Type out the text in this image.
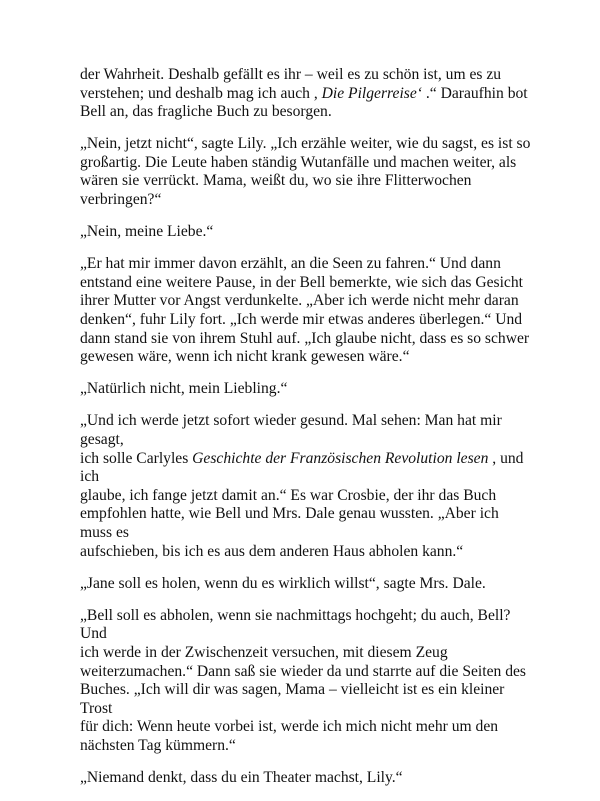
der Wahrheit. Deshalb gefällt es ihr – weil es zu schön ist, um es zu
verstehen; und deshalb mag ich auch , Die Pilgerreise‘ .“ Daraufhin bot
Bell an, das fragliche Buch zu besorgen.

„Nein, jetzt nicht“, sagte Lily. „Ich erzähle weiter, wie du sagst, es ist so
großartig. Die Leute haben ständig Wutanfälle und machen weiter, als
wären sie verrückt. Mama, weißt du, wo sie ihre Flitterwochen
verbringen?“

„Nein, meine Liebe.“

„Er hat mir immer davon erzählt, an die Seen zu fahren.“ Und dann
entstand eine weitere Pause, in der Bell bemerkte, wie sich das Gesicht
ihrer Mutter vor Angst verdunkelte. „Aber ich werde nicht mehr daran
denken“, fuhr Lily fort. „Ich werde mir etwas anderes überlegen.“ Und
dann stand sie von ihrem Stuhl auf. „Ich glaube nicht, dass es so schwer
gewesen wäre, wenn ich nicht krank gewesen wäre.“

„Natürlich nicht, mein Liebling.“

„Und ich werde jetzt sofort wieder gesund. Mal sehen: Man hat mir gesagt,
ich solle Carlyles Geschichte der Französischen Revolution lesen , und ich
glaube, ich fange jetzt damit an.“ Es war Crosbie, der ihr das Buch
empfohlen hatte, wie Bell und Mrs. Dale genau wussten. „Aber ich muss es
aufschieben, bis ich es aus dem anderen Haus abholen kann.“

„Jane soll es holen, wenn du es wirklich willst“, sagte Mrs. Dale.

„Bell soll es abholen, wenn sie nachmittags hochgeht; du auch, Bell? Und
ich werde in der Zwischenzeit versuchen, mit diesem Zeug
weiterzumachen.“ Dann saß sie wieder da und starrte auf die Seiten des
Buches. „Ich will dir was sagen, Mama – vielleicht ist es ein kleiner Trost
für dich: Wenn heute vorbei ist, werde ich mich nicht mehr um den
nächsten Tag kümmern.“

„Niemand denkt, dass du ein Theater machst, Lily.“
